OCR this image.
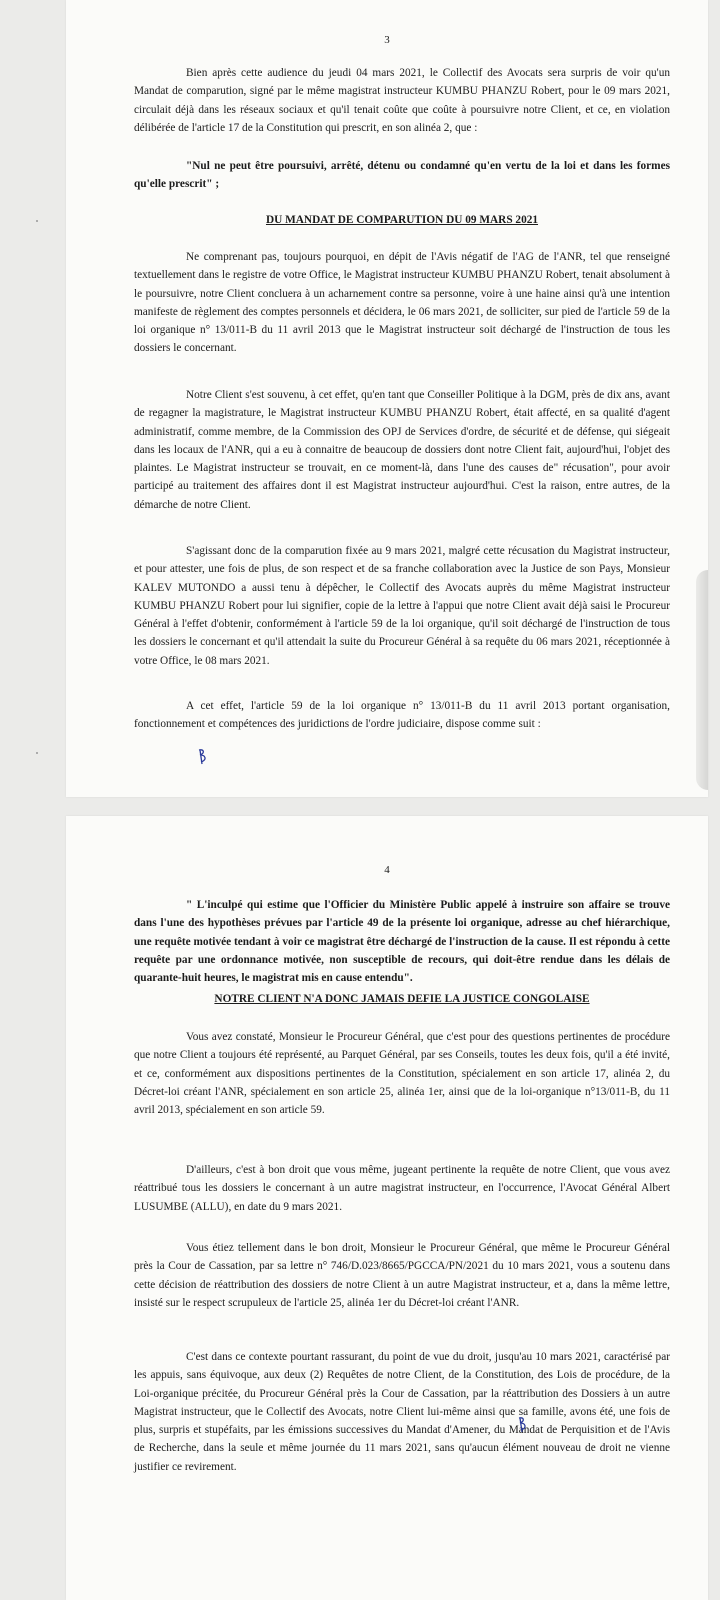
3

Bien après cette audience du jeudi 04 mars 2021, le Collectif des Avocats sera surpris de voir qu'un Mandat de comparution, signé par le même magistrat instructeur KUMBU PHANZU Robert, pour le 09 mars 2021, circulait déjà dans les réseaux sociaux et qu'il tenait coûte que coûte à poursuivre notre Client, et ce, en violation délibérée de l'article 17 de la Constitution qui prescrit, en son alinéa 2, que :

"Nul ne peut être poursuivi, arrêté, détenu ou condamné qu'en vertu de la loi et dans les formes qu'elle prescrit" ;

DU MANDAT DE COMPARUTION DU 09 MARS 2021

Ne comprenant pas, toujours pourquoi, en dépit de l'Avis négatif de l'AG de l'ANR, tel que renseigné textuellement dans le registre de votre Office, le Magistrat instructeur KUMBU PHANZU Robert, tenait absolument à le poursuivre, notre Client concluera à un acharnement contre sa personne, voire à une haine ainsi qu'à une intention manifeste de règlement des comptes personnels et décidera, le 06 mars 2021, de solliciter, sur pied de l'article 59 de la loi organique n° 13/011-B du 11 avril 2013 que le Magistrat instructeur soit déchargé de l'instruction de tous les dossiers le concernant.

Notre Client s'est souvenu, à cet effet, qu'en tant que Conseiller Politique à la DGM, près de dix ans, avant de regagner la magistrature, le Magistrat instructeur KUMBU PHANZU Robert, était affecté, en sa qualité d'agent administratif, comme membre, de la Commission des OPJ de Services d'ordre, de sécurité et de défense, qui siégeait dans les locaux de l'ANR, qui a eu à connaitre de beaucoup de dossiers dont notre Client fait, aujourd'hui, l'objet des plaintes. Le Magistrat instructeur se trouvait, en ce moment-là, dans l'une des causes de" récusation", pour avoir participé au traitement des affaires dont il est Magistrat instructeur aujourd'hui. C'est la raison, entre autres, de la démarche de notre Client.

S'agissant donc de la comparution fixée au 9 mars 2021, malgré cette récusation du Magistrat instructeur, et pour attester, une fois de plus, de son respect et de sa franche collaboration avec la Justice de son Pays, Monsieur KALEV MUTONDO a aussi tenu à dépêcher, le Collectif des Avocats auprès du même Magistrat instructeur KUMBU PHANZU Robert pour lui signifier, copie de la lettre à l'appui que notre Client avait déjà saisi le Procureur Général à l'effet d'obtenir, conformément à l'article 59 de la loi organique, qu'il soit déchargé de l'instruction de tous les dossiers le concernant et qu'il attendait la suite du Procureur Général à sa requête du 06 mars 2021, réceptionnée à votre Office, le 08 mars 2021.

A cet effet, l'article 59 de la loi organique n° 13/011-B du 11 avril 2013 portant organisation, fonctionnement et compétences des juridictions de l'ordre judiciaire, dispose comme suit :

4

" L'inculpé qui estime que l'Officier du Ministère Public appelé à instruire son affaire se trouve dans l'une des hypothèses prévues par l'article 49 de la présente loi organique, adresse au chef hiérarchique, une requête motivée tendant à voir ce magistrat être déchargé de l'instruction de la cause. Il est répondu à cette requête par une ordonnance motivée, non susceptible de recours, qui doit-être rendue dans les délais de quarante-huit heures, le magistrat mis en cause entendu".

NOTRE CLIENT N'A DONC JAMAIS DEFIE LA JUSTICE CONGOLAISE

Vous avez constaté, Monsieur le Procureur Général, que c'est pour des questions pertinentes de procédure que notre Client a toujours été représenté, au Parquet Général, par ses Conseils, toutes les deux fois, qu'il a été invité, et ce, conformément aux dispositions pertinentes de la Constitution, spécialement en son article 17, alinéa 2, du Décret-loi créant l'ANR, spécialement en son article 25, alinéa 1er, ainsi que de la loi-organique n°13/011-B, du 11 avril 2013, spécialement en son article 59.

D'ailleurs, c'est à bon droit que vous même, jugeant pertinente la requête de notre Client, que vous avez réattribué tous les dossiers le concernant à un autre magistrat instructeur, en l'occurrence, l'Avocat Général Albert LUSUMBE (ALLU), en date du 9 mars 2021.

Vous étiez tellement dans le bon droit, Monsieur le Procureur Général, que même le Procureur Général près la Cour de Cassation, par sa lettre n° 746/D.023/8665/PGCCA/PN/2021 du 10 mars 2021, vous a soutenu dans cette décision de réattribution des dossiers de notre Client à un autre Magistrat instructeur, et a, dans la même lettre, insisté sur le respect scrupuleux de l'article 25, alinéa 1er du Décret-loi créant l'ANR.

C'est dans ce contexte pourtant rassurant, du point de vue du droit, jusqu'au 10 mars 2021, caractérisé par les appuis, sans équivoque, aux deux (2) Requêtes de notre Client, de la Constitution, des Lois de procédure, de la Loi-organique précitée, du Procureur Général près la Cour de Cassation, par la réattribution des Dossiers à un autre Magistrat instructeur, que le Collectif des Avocats, notre Client lui-même ainsi que sa famille, avons été, une fois de plus, surpris et stupéfaits, par les émissions successives du Mandat d'Amener, du Mandat de Perquisition et de l'Avis de Recherche, dans la seule et même journée du 11 mars 2021, sans qu'aucun élément nouveau de droit ne vienne justifier ce revirement.
